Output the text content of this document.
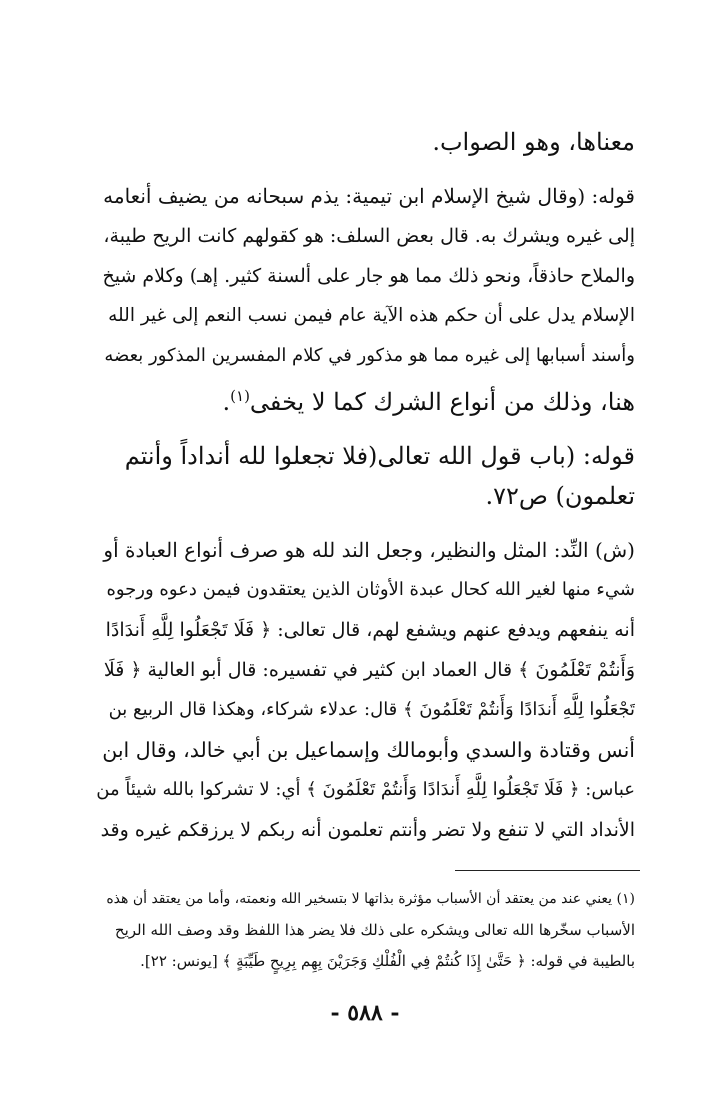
معناها، وهو الصواب.
قوله: (وقال شيخ الإسلام ابن تيمية: يذم سبحانه من يضيف أنعامه
إلى غيره ويشرك به. قال بعض السلف: هو كقولهم كانت الريح طيبة،
والملاح حاذقاً، ونحو ذلك مما هو جار على ألسنة كثير. إهـ) وكلام شيخ
الإسلام يدل على أن حكم هذه الآية عام فيمن نسب النعم إلى غير الله
وأسند أسبابها إلى غيره مما هو مذكور في كلام المفسرين المذكور بعضه
هنا، وذلك من أنواع الشرك كما لا يخفى$^{(١)}$.
قوله: (باب قول الله تعالى(فلا تجعلوا لله أنداداً وأنتم
تعلمون) ص٧٢.
(ش) النِّد: المثل والنظير، وجعل الند لله هو صرف أنواع العبادة أو
شيء منها لغير الله كحال عبدة الأوثان الذين يعتقدون فيمن دعوه ورجوه
أنه ينفعهم ويدفع عنهم ويشفع لهم، قال تعالى: ﴿ فَلَا تَجْعَلُوا لِلَّهِ أَندَادًا
وَأَنتُمْ تَعْلَمُونَ ﴾ قال العماد ابن كثير في تفسيره: قال أبو العالية ﴿ فَلَا
تَجْعَلُوا لِلَّهِ أَندَادًا وَأَنتُمْ تَعْلَمُونَ ﴾ قال: عدلاء شركاء، وهكذا قال الربيع بن
أنس وقتادة والسدي وأبومالك وإسماعيل بن أبي خالد، وقال ابن
عباس: ﴿ فَلَا تَجْعَلُوا لِلَّهِ أَندَادًا وَأَنتُمْ تَعْلَمُونَ ﴾ أي: لا تشركوا بالله شيئاً من
الأنداد التي لا تنفع ولا تضر وأنتم تعلمون أنه ربكم لا يرزقكم غيره وقد
(١) يعني عند من يعتقد أن الأسباب مؤثرة بذاتها لا بتسخير الله ونعمته، وأما من يعتقد أن هذه
الأسباب سخّرها الله تعالى ويشكره على ذلك فلا يضر هذا اللفظ وقد وصف الله الريح
بالطيبة في قوله: ﴿ حَتَّىٰ إِذَا كُنتُمْ فِي الْفُلْكِ وَجَرَيْنَ بِهِم بِرِيحٍ طَيِّبَةٍ ﴾ [يونس: ٢٢].
- ٥٨٨ -
